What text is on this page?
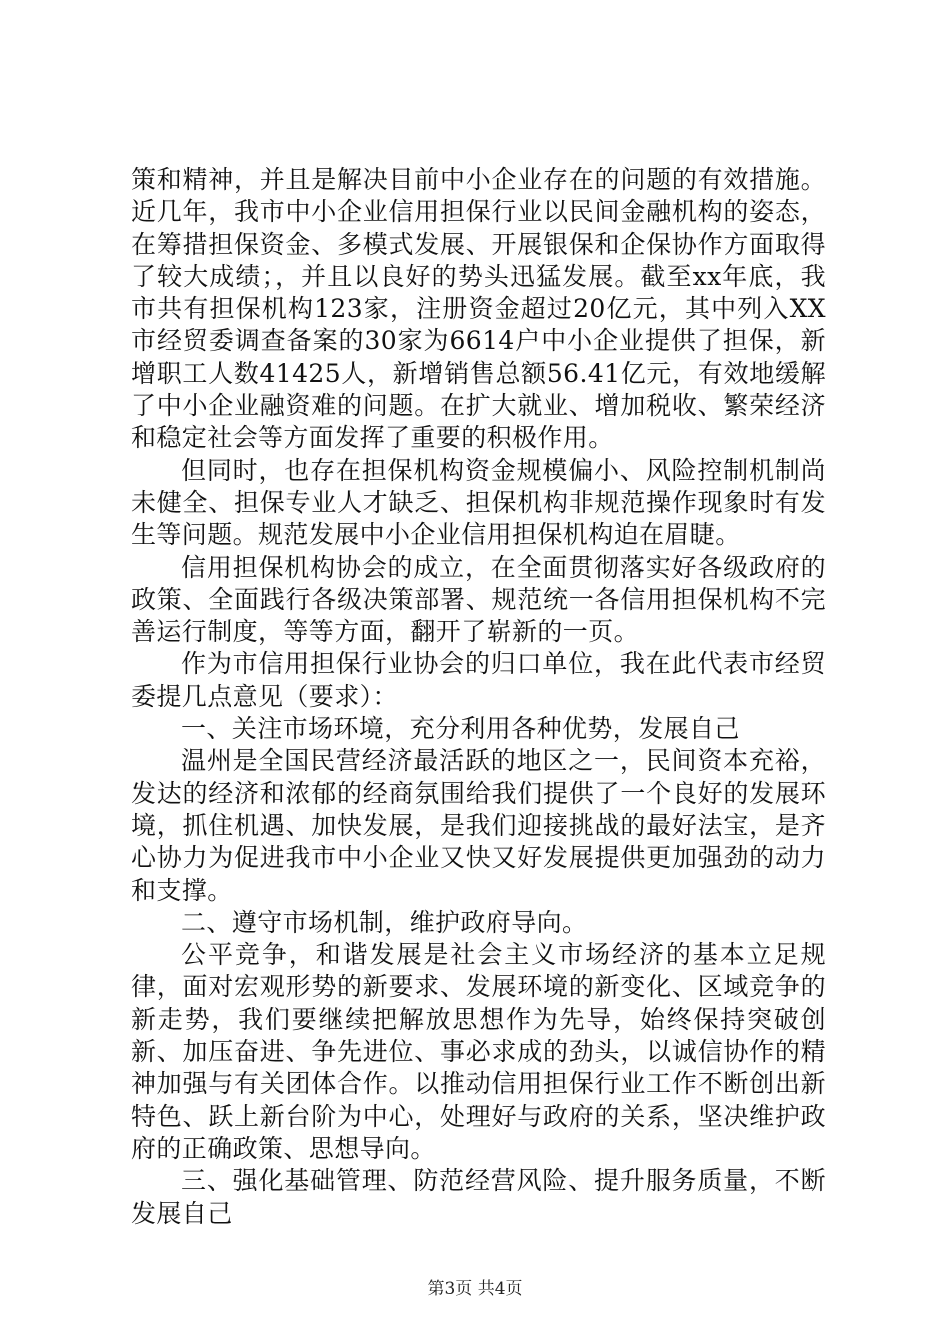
策和精神，并且是解决目前中小企业存在的问题的有效措施。近几年，我市中小企业信用担保行业以民间金融机构的姿态，在筹措担保资金、多模式发展、开展银保和企保协作方面取得了较大成绩；，并且以良好的势头迅猛发展。截至xx年底，我市共有担保机构123家，注册资金超过20亿元，其中列入XX市经贸委调查备案的30家为6614户中小企业提供了担保，新增职工人数41425人，新增销售总额56.41亿元，有效地缓解了中小企业融资难的问题。在扩大就业、增加税收、繁荣经济和稳定社会等方面发挥了重要的积极作用。

但同时，也存在担保机构资金规模偏小、风险控制机制尚未健全、担保专业人才缺乏、担保机构非规范操作现象时有发生等问题。规范发展中小企业信用担保机构迫在眉睫。

信用担保机构协会的成立，在全面贯彻落实好各级政府的政策、全面践行各级决策部署、规范统一各信用担保机构不完善运行制度，等等方面，翻开了崭新的一页。

作为市信用担保行业协会的归口单位，我在此代表市经贸委提几点意见（要求）：

一、关注市场环境，充分利用各种优势，发展自己

温州是全国民营经济最活跃的地区之一，民间资本充裕，发达的经济和浓郁的经商氛围给我们提供了一个良好的发展环境，抓住机遇、加快发展，是我们迎接挑战的最好法宝，是齐心协力为促进我市中小企业又快又好发展提供更加强劲的动力和支撑。

二、遵守市场机制，维护政府导向。

公平竞争，和谐发展是社会主义市场经济的基本立足规律，面对宏观形势的新要求、发展环境的新变化、区域竞争的新走势，我们要继续把解放思想作为先导，始终保持突破创新、加压奋进、争先进位、事必求成的劲头，以诚信协作的精神加强与有关团体合作。以推动信用担保行业工作不断创出新特色、跃上新台阶为中心，处理好与政府的关系，坚决维护政府的正确政策、思想导向。

三、强化基础管理、防范经营风险、提升服务质量，不断发展自己

第3页 共4页
